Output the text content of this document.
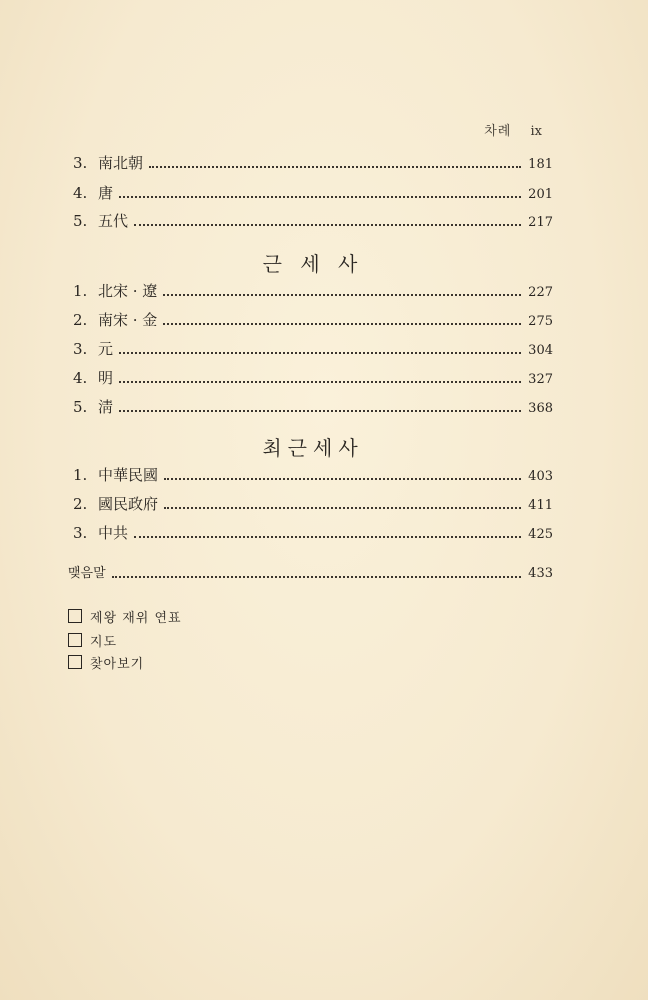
차례 ix
3. 南北朝	181
4. 唐	201
5. 五代	217
근 세 사
1. 北宋 · 遼	227
2. 南宋 · 金	275
3. 元	304
4. 明	327
5. 淸	368
최근세사
1. 中華民國	403
2. 國民政府	411
3. 中共	425
맺음말	433
제왕 재위 연표
지도
찾아보기
